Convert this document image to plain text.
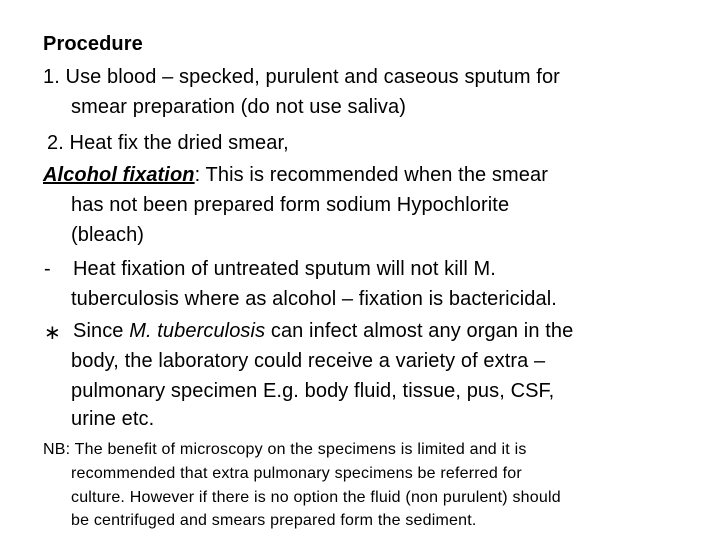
Procedure
1. Use blood – specked, purulent and caseous sputum for
smear preparation (do not use saliva)
2. Heat fix the dried smear,
Alcohol fixation: This is recommended when the smear
has not been prepared form sodium Hypochlorite
(bleach)
- Heat fixation of untreated sputum will not kill M.
tuberculosis where as alcohol – fixation is bactericidal.
∗ Since M. tuberculosis can infect almost any organ in the
body, the laboratory could receive a variety of extra –
pulmonary specimen E.g. body fluid, tissue, pus, CSF,
urine etc.
NB: The benefit of microscopy on the specimens is limited and it is
recommended that extra pulmonary specimens be referred for
culture. However if there is no option the fluid (non purulent) should
be centrifuged and smears prepared form the sediment.
